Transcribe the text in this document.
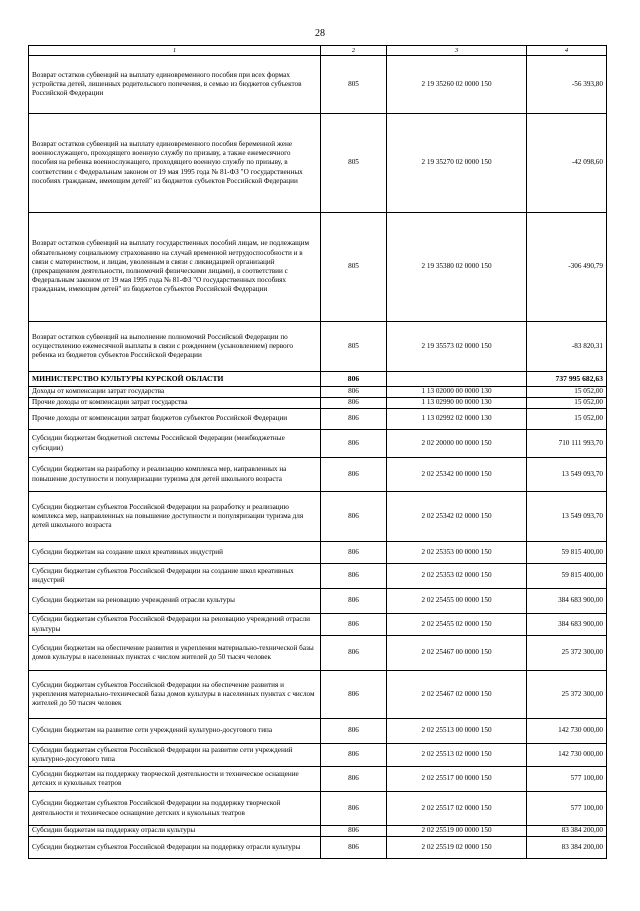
28
1	2	3	4
Возврат остатков субвенций на выплату единовременного пособия при всех формах устройства детей, лишенных родительского попечения, в семью из бюджетов субъектов Российской Федерации	805	2 19 35260 02 0000 150	-56 393,80
Возврат остатков субвенций на выплату единовременного пособия беременной жене военнослужащего, проходящего военную службу по призыву, а также ежемесячного пособия на ребенка военнослужащего, проходящего военную службу по призыву, в соответствии с Федеральным законом от 19 мая 1995 года № 81-ФЗ "О государственных пособиях гражданам, имеющим детей" из бюджетов субъектов Российской Федерации	805	2 19 35270 02 0000 150	-42 098,60
Возврат остатков субвенций на выплату государственных пособий лицам, не подлежащим обязательному социальному страхованию на случай временной нетрудоспособности и в связи с материнством, и лицам, уволенным в связи с ликвидацией организаций (прекращением деятельности, полномочий физическими лицами), в соответствии с Федеральным законом от 19 мая 1995 года № 81-ФЗ "О государственных пособиях гражданам, имеющим детей" из бюджетов субъектов Российской Федерации	805	2 19 35380 02 0000 150	-306 490,79
Возврат остатков субвенций на выполнение полномочий Российской Федерации по осуществлению ежемесячной выплаты в связи с рождением (усыновлением) первого ребенка из бюджетов субъектов Российской Федерации	805	2 19 35573 02 0000 150	-83 820,31
МИНИСТЕРСТВО КУЛЬТУРЫ КУРСКОЙ ОБЛАСТИ	806		737 995 682,63
Доходы от компенсации затрат государства	806	1 13 02000 00 0000 130	15 052,00
Прочие доходы от компенсации затрат государства	806	1 13 02990 00 0000 130	15 052,00
Прочие доходы от компенсации затрат бюджетов субъектов Российской Федерации	806	1 13 02992 02 0000 130	15 052,00
Субсидии бюджетам бюджетной системы Российской Федерации (межбюджетные субсидии)	806	2 02 20000 00 0000 150	710 111 993,70
Субсидии бюджетам на разработку и реализацию комплекса мер, направленных на повышение доступности и популяризации туризма для детей школьного возраста	806	2 02 25342 00 0000 150	13 549 093,70
Субсидии бюджетам субъектов Российской Федерации на разработку и реализацию комплекса мер, направленных на повышение доступности и популяризации туризма для детей школьного возраста	806	2 02 25342 02 0000 150	13 549 093,70
Субсидии бюджетам на создание школ креативных индустрий	806	2 02 25353 00 0000 150	59 815 400,00
Субсидии бюджетам субъектов Российской Федерации на создание школ креативных индустрий	806	2 02 25353 02 0000 150	59 815 400,00
Субсидии бюджетам на реновацию учреждений отрасли культуры	806	2 02 25455 00 0000 150	384 683 900,00
Субсидии бюджетам субъектов Российской Федерации на реновацию учреждений отрасли культуры	806	2 02 25455 02 0000 150	384 683 900,00
Субсидии бюджетам на обеспечение развития и укрепления материально-технической базы домов культуры в населенных пунктах с числом жителей до 50 тысяч человек	806	2 02 25467 00 0000 150	25 372 300,00
Субсидии бюджетам субъектов Российской Федерации на обеспечение развития и укрепления материально-технической базы домов культуры в населенных пунктах с числом жителей до 50 тысяч человек	806	2 02 25467 02 0000 150	25 372 300,00
Субсидии бюджетам на развитие сети учреждений культурно-досугового типа	806	2 02 25513 00 0000 150	142 730 000,00
Субсидии бюджетам субъектов Российской Федерации на развитие сети учреждений культурно-досугового типа	806	2 02 25513 02 0000 150	142 730 000,00
Субсидии бюджетам на поддержку творческой деятельности и техническое оснащение детских и кукольных театров	806	2 02 25517 00 0000 150	577 100,00
Субсидии бюджетам субъектов Российской Федерации на поддержку творческой деятельности и техническое оснащение детских и кукольных театров	806	2 02 25517 02 0000 150	577 100,00
Субсидии бюджетам на поддержку отрасли культуры	806	2 02 25519 00 0000 150	83 384 200,00
Субсидии бюджетам субъектов Российской Федерации на поддержку отрасли культуры	806	2 02 25519 02 0000 150	83 384 200,00
